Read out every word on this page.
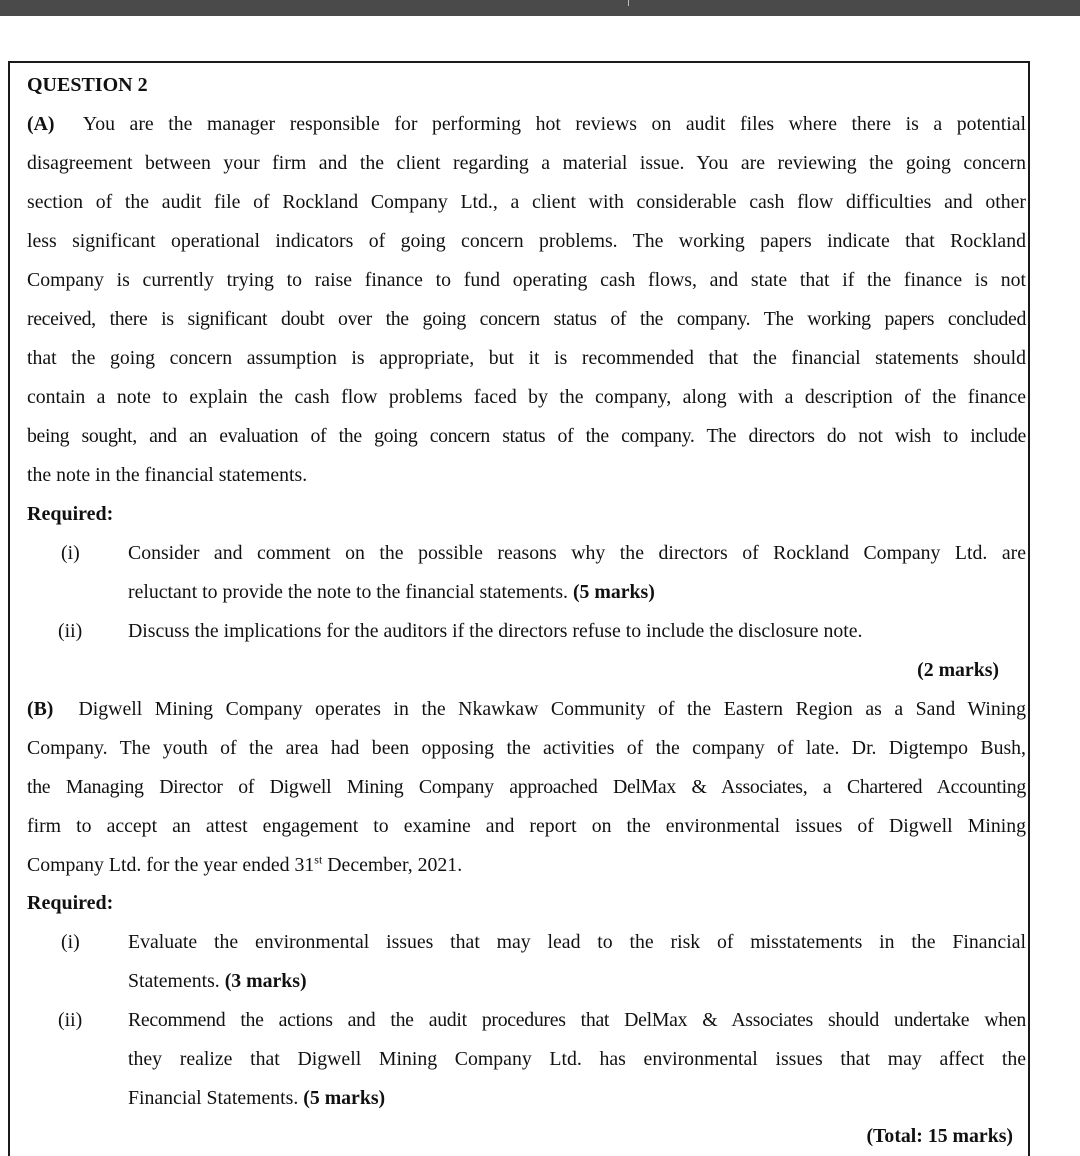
QUESTION 2
(A) You are the manager responsible for performing hot reviews on audit files where there is a potential
disagreement between your firm and the client regarding a material issue. You are reviewing the going concern
section of the audit file of Rockland Company Ltd., a client with considerable cash flow difficulties and other
less significant operational indicators of going concern problems. The working papers indicate that Rockland
Company is currently trying to raise finance to fund operating cash flows, and state that if the finance is not
received, there is significant doubt over the going concern status of the company. The working papers concluded
that the going concern assumption is appropriate, but it is recommended that the financial statements should
contain a note to explain the cash flow problems faced by the company, along with a description of the finance
being sought, and an evaluation of the going concern status of the company. The directors do not wish to include
the note in the financial statements.
Required:
(i) Consider and comment on the possible reasons why the directors of Rockland Company Ltd. are
reluctant to provide the note to the financial statements. (5 marks)
(ii) Discuss the implications for the auditors if the directors refuse to include the disclosure note.
(2 marks)
(B) Digwell Mining Company operates in the Nkawkaw Community of the Eastern Region as a Sand Wining
Company. The youth of the area had been opposing the activities of the company of late. Dr. Digtempo Bush,
the Managing Director of Digwell Mining Company approached DelMax & Associates, a Chartered Accounting
firm to accept an attest engagement to examine and report on the environmental issues of Digwell Mining
Company Ltd. for the year ended 31st December, 2021.
Required:
(i) Evaluate the environmental issues that may lead to the risk of misstatements in the Financial
Statements. (3 marks)
(ii) Recommend the actions and the audit procedures that DelMax & Associates should undertake when
they realize that Digwell Mining Company Ltd. has environmental issues that may affect the
Financial Statements. (5 marks)
(Total: 15 marks)
